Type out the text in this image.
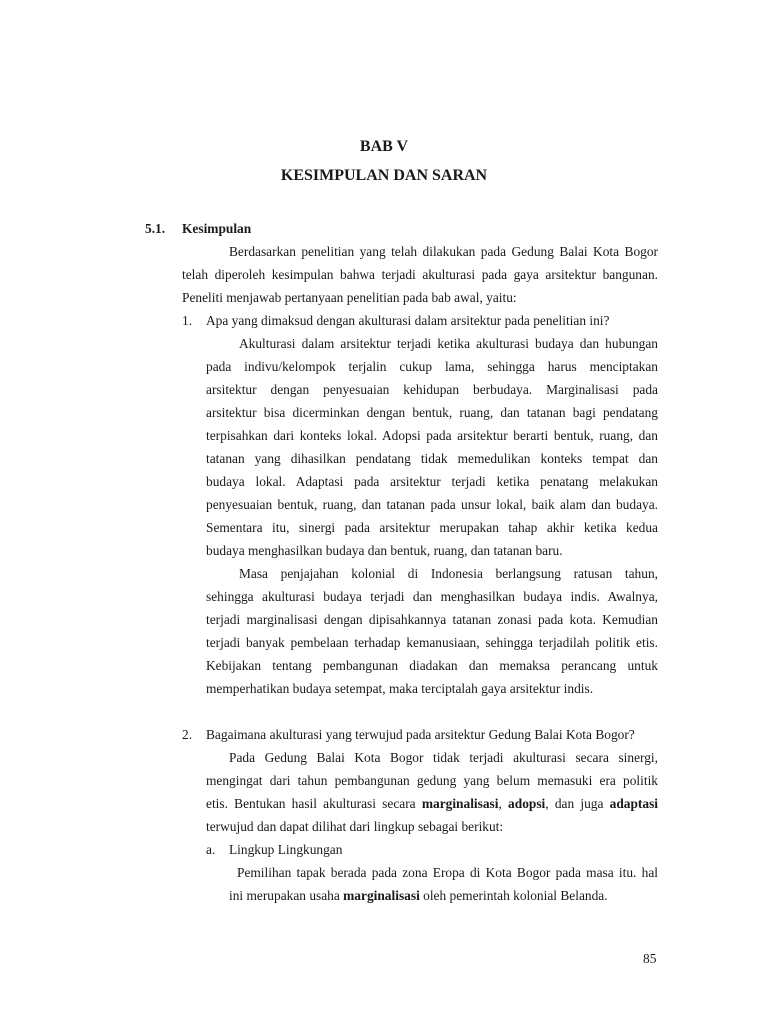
BAB V
KESIMPULAN DAN SARAN
5.1. Kesimpulan
Berdasarkan penelitian yang telah dilakukan pada Gedung Balai Kota Bogor
telah diperoleh kesimpulan bahwa terjadi akulturasi pada gaya arsitektur bangunan.
Peneliti menjawab pertanyaan penelitian pada bab awal, yaitu:
1. Apa yang dimaksud dengan akulturasi dalam arsitektur pada penelitian ini?
Akulturasi dalam arsitektur terjadi ketika akulturasi budaya dan hubungan
pada indivu/kelompok terjalin cukup lama, sehingga harus menciptakan
arsitektur dengan penyesuaian kehidupan berbudaya. Marginalisasi pada
arsitektur bisa dicerminkan dengan bentuk, ruang, dan tatanan bagi pendatang
terpisahkan dari konteks lokal. Adopsi pada arsitektur berarti bentuk, ruang, dan
tatanan yang dihasilkan pendatang tidak memedulikan konteks tempat dan
budaya lokal. Adaptasi pada arsitektur terjadi ketika penatang melakukan
penyesuaian bentuk, ruang, dan tatanan pada unsur lokal, baik alam dan budaya.
Sementara itu, sinergi pada arsitektur merupakan tahap akhir ketika kedua
budaya menghasilkan budaya dan bentuk, ruang, dan tatanan baru.
Masa penjajahan kolonial di Indonesia berlangsung ratusan tahun,
sehingga akulturasi budaya terjadi dan menghasilkan budaya indis. Awalnya,
terjadi marginalisasi dengan dipisahkannya tatanan zonasi pada kota. Kemudian
terjadi banyak pembelaan terhadap kemanusiaan, sehingga terjadilah politik etis.
Kebijakan tentang pembangunan diadakan dan memaksa perancang untuk
memperhatikan budaya setempat, maka terciptalah gaya arsitektur indis.
2. Bagaimana akulturasi yang terwujud pada arsitektur Gedung Balai Kota Bogor?
Pada Gedung Balai Kota Bogor tidak terjadi akulturasi secara sinergi,
mengingat dari tahun pembangunan gedung yang belum memasuki era politik
etis. Bentukan hasil akulturasi secara marginalisasi, adopsi, dan juga adaptasi
terwujud dan dapat dilihat dari lingkup sebagai berikut:
a. Lingkup Lingkungan
Pemilihan tapak berada pada zona Eropa di Kota Bogor pada masa itu. hal
ini merupakan usaha marginalisasi oleh pemerintah kolonial Belanda.
85
